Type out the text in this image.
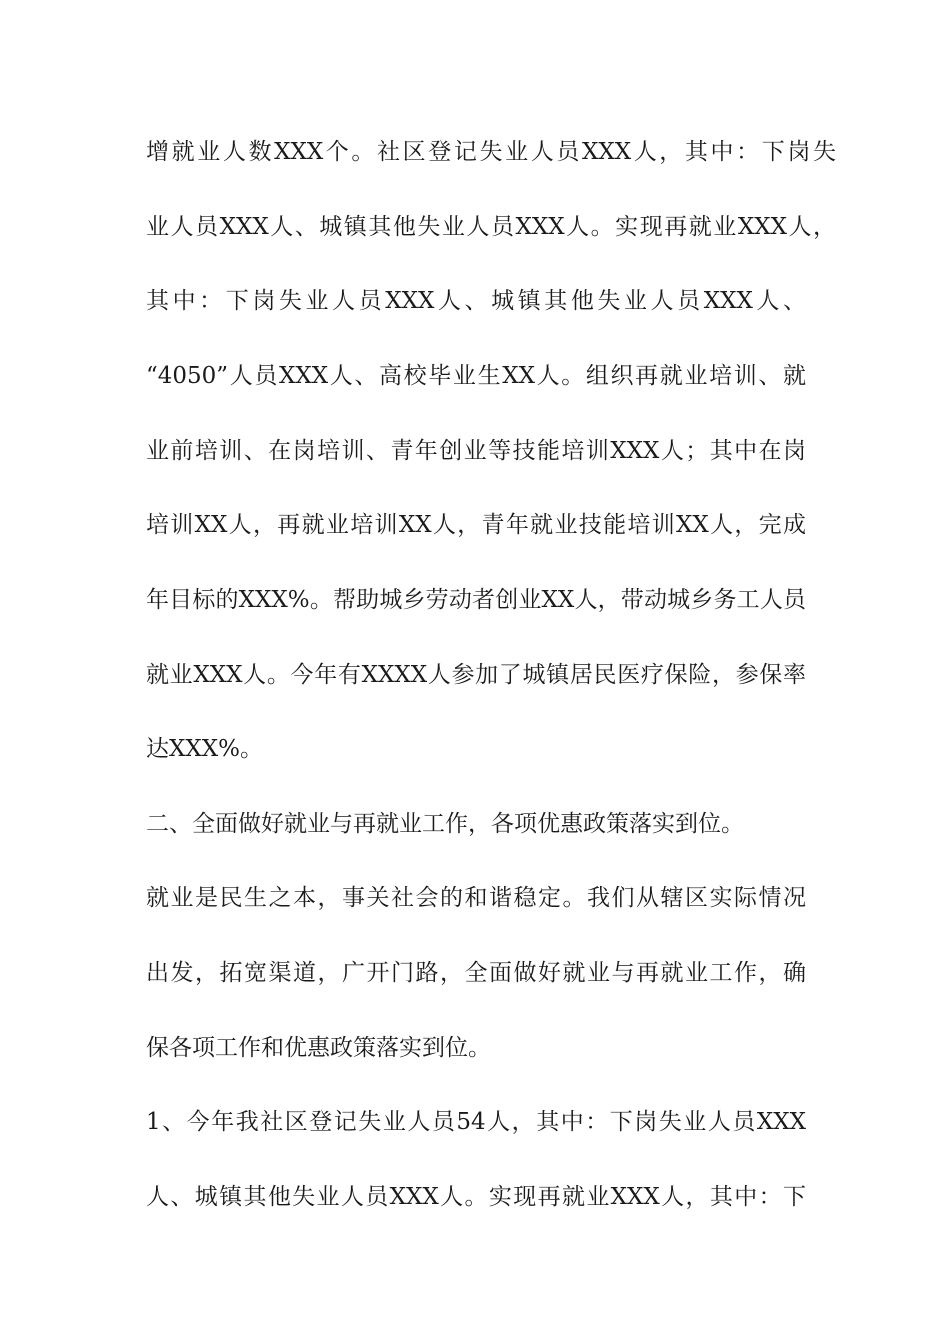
增就业人数XXX个。社区登记失业人员XXX人，其中：下岗失
业人员XXX人、城镇其他失业人员XXX人。实现再就业XXX人，
其中：下岗失业人员XXX人、城镇其他失业人员XXX人、
“4050”人员XXX人、高校毕业生XX人。组织再就业培训、就
业前培训、在岗培训、青年创业等技能培训XXX人；其中在岗
培训XX人，再就业培训XX人，青年就业技能培训XX人，完成
年目标的XXX%。帮助城乡劳动者创业XX人，带动城乡务工人员
就业XXX人。今年有XXXX人参加了城镇居民医疗保险，参保率
达XXX%。
二、全面做好就业与再就业工作，各项优惠政策落实到位。
就业是民生之本，事关社会的和谐稳定。我们从辖区实际情况
出发，拓宽渠道，广开门路，全面做好就业与再就业工作，确
保各项工作和优惠政策落实到位。
1、今年我社区登记失业人员54人，其中：下岗失业人员XXX
人、城镇其他失业人员XXX人。实现再就业XXX人，其中：下
